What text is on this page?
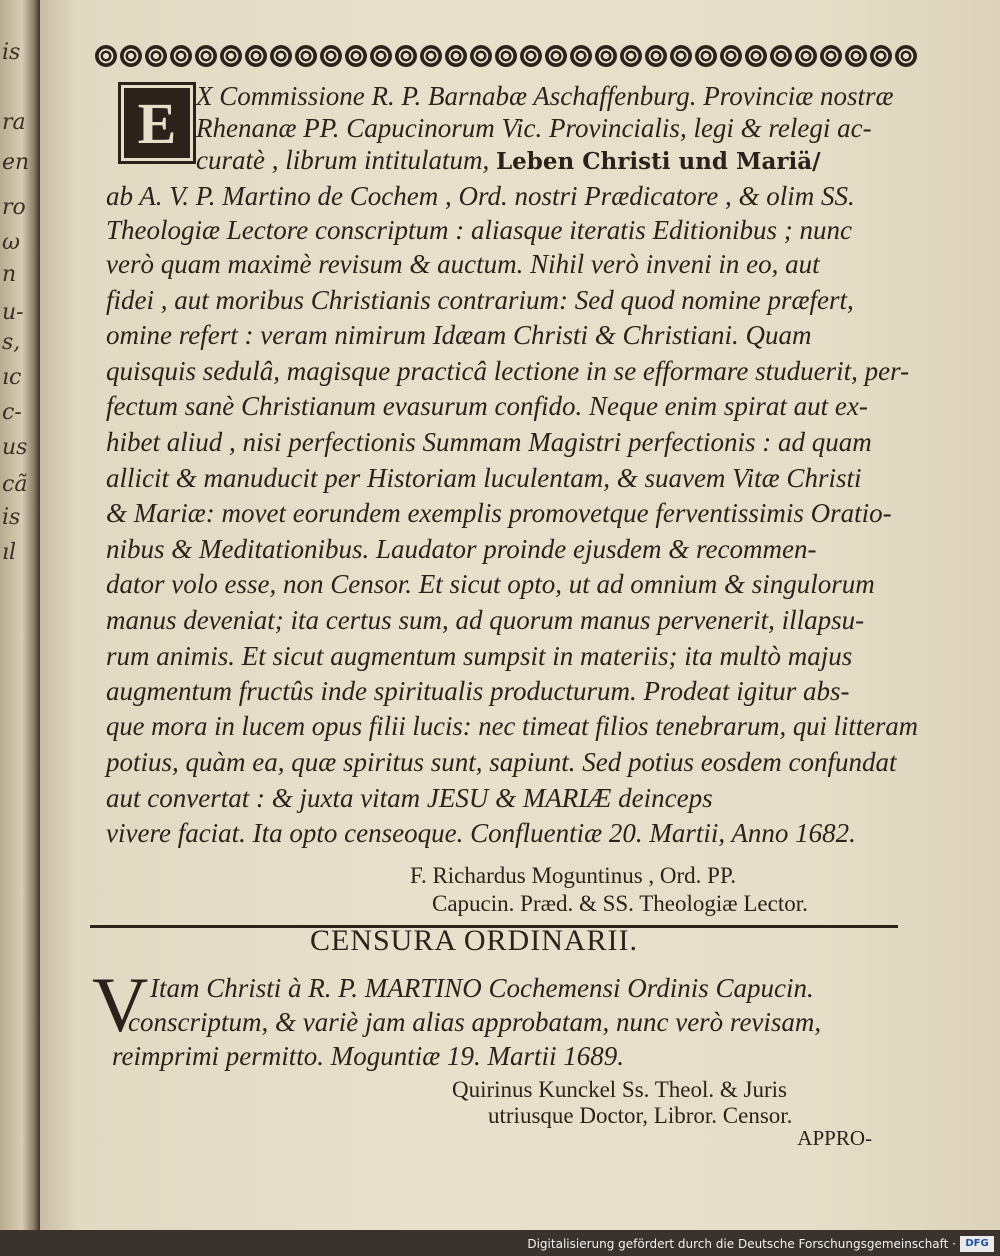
is
ra
en
ro
ω
n
u-
s,
ıc
c-
us
cã
is
ıl
E X Commissione R. P. Barnabæ Aschaffenburg. Provinciæ nostræ
Rhenanæ PP. Capucinorum Vic. Provincialis, legi & relegi ac-
curatè , librum intitulatum, Leben Christi und Mariä/
ab A. V. P. Martino de Cochem , Ord. nostri Prædicatore , & olim SS.
Theologiæ Lectore conscriptum : aliasque iteratis Editionibus ; nunc
verò quam maximè revisum & auctum. Nihil verò inveni in eo, aut
fidei , aut moribus Christianis contrarium: Sed quod nomine præfert,
omine refert : veram nimirum Idæam Christi & Christiani. Quam
quisquis sedulâ, magisque practicâ lectione in se efformare studuerit, per-
fectum sanè Christianum evasurum confido. Neque enim spirat aut ex-
hibet aliud , nisi perfectionis Summam Magistri perfectionis : ad quam
allicit & manuducit per Historiam luculentam, & suavem Vitæ Christi
& Mariæ: movet eorundem exemplis promovetque ferventissimis Oratio-
nibus & Meditationibus. Laudator proinde ejusdem & recommen-
dator volo esse, non Censor. Et sicut opto, ut ad omnium & singulorum
manus deveniat; ita certus sum, ad quorum manus pervenerit, illapsu-
rum animis. Et sicut augmentum sumpsit in materiis; ita multò majus
augmentum fructûs inde spiritualis producturum. Prodeat igitur abs-
que mora in lucem opus filii lucis: nec timeat filios tenebrarum, qui litteram
potius, quàm ea, quæ spiritus sunt, sapiunt. Sed potius eosdem confundat
aut convertat : & juxta vitam JESU & MARIÆ deinceps
vivere faciat. Ita opto censeoque. Confluentiæ 20. Martii, Anno 1682.
F. Richardus Moguntinus , Ord. PP.
Capucin. Præd. & SS. Theologiæ Lector.
CENSURA ORDINARII.
V Itam Christi à R. P. MARTINO Cochemensi Ordinis Capucin.
conscriptum, & variè jam alias approbatam, nunc verò revisam,
reimprimi permitto. Moguntiæ 19. Martii 1689.
Quirinus Kunckel Ss. Theol. & Juris
utriusque Doctor, Libror. Censor.
APPRO-
Digitalisierung gefördert durch die Deutsche Forschungsgemeinschaft · DFG
